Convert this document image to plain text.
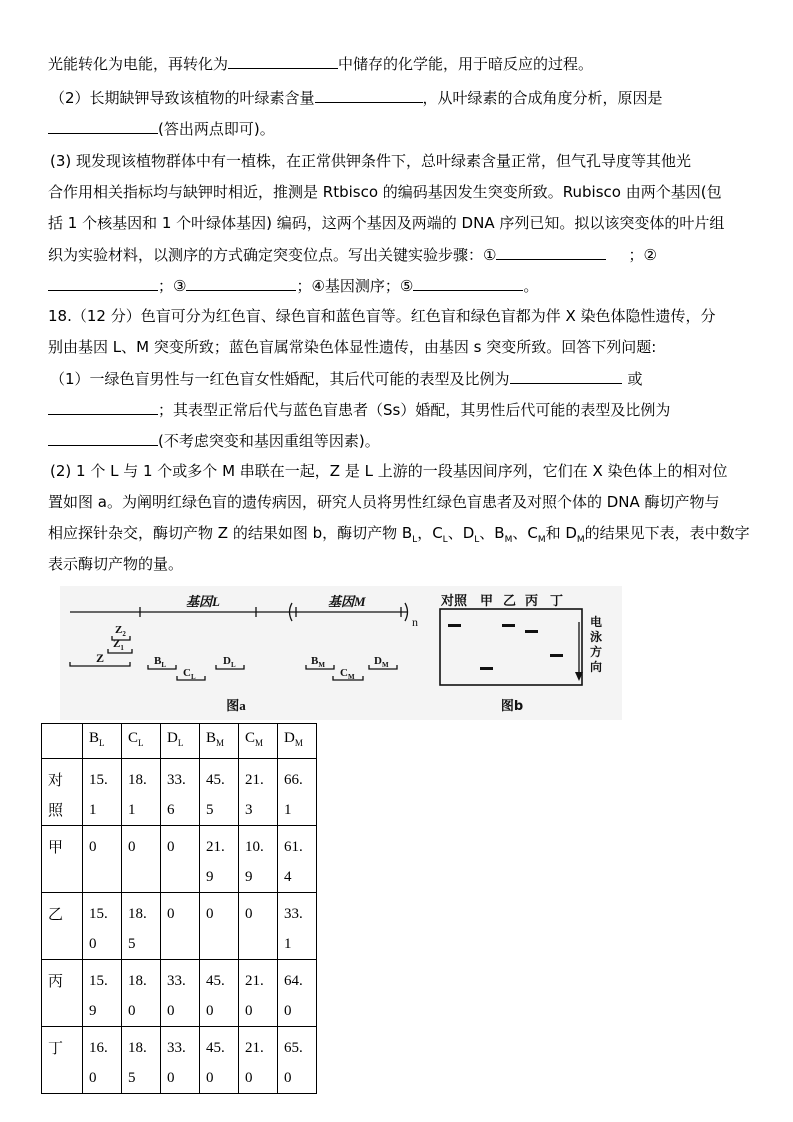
光能转化为电能，再转化为	中储存的化学能，用于暗反应的过程。
（2）长期缺钾导致该植物的叶绿素含量	，从叶绿素的合成角度分析，原因是
(答出两点即可)。
(3) 现发现该植物群体中有一植株，在正常供钾条件下，总叶绿素含量正常，但气孔导度等其他光
合作用相关指标均与缺钾时相近，推测是 Rtbisco 的编码基因发生突变所致。Rubisco 由两个基因(包
括 1 个核基因和 1 个叶绿体基因) 编码，这两个基因及两端的 DNA 序列已知。拟以该突变体的叶片组
织为实验材料，以测序的方式确定突变位点。写出关键实验步骤：①	；②
；③	；④基因测序；⑤	。
18.（12 分）色盲可分为红色盲、绿色盲和蓝色盲等。红色盲和绿色盲都为伴 X 染色体隐性遗传，分
别由基因 L、M 突变所致；蓝色盲属常染色体显性遗传，由基因 s 突变所致。回答下列问题:
（1）一绿色盲男性与一红色盲女性婚配，其后代可能的表型及比例为	或
；其表型正常后代与蓝色盲患者（Ss）婚配，其男性后代可能的表型及比例为
(不考虑突变和基因重组等因素)。
(2) 1 个 L 与 1 个或多个 M 串联在一起，Z 是 L 上游的一段基因间序列，它们在 X 染色体上的相对位
置如图 a。为阐明红绿色盲的遗传病因，研究人员将男性红绿色盲患者及对照个体的 DNA 酶切产物与
相应探针杂交，酶切产物 Z 的结果如图 b，酶切产物 $B_L$，$C_L$、$D_L$、$B_M$、$C_M$和 $D_M$的结果见下表，表中数字
表示酶切产物的量。
基因L	基因M
n
$Z_2$
$Z_1$
Z	$B_L$
$C_L$
$D_L$	$B_M$
$C_M$
$D_M$
图a
对照 甲 乙 丙 丁
电
泳
方
向
图b
	$B_L$	$C_L$	$D_L$	$B_M$	$C_M$	$D_M$
对照	15.1	18.1	33.6	45.5	21.3	66.1
甲	0	0	0	21.9	10.9	61.4
乙	15.0	18.5	0	0	0	33.1
丙	15.9	18.0	33.0	45.0	21.0	64.0
丁	16.0	18.5	33.0	45.0	21.0	65.0
